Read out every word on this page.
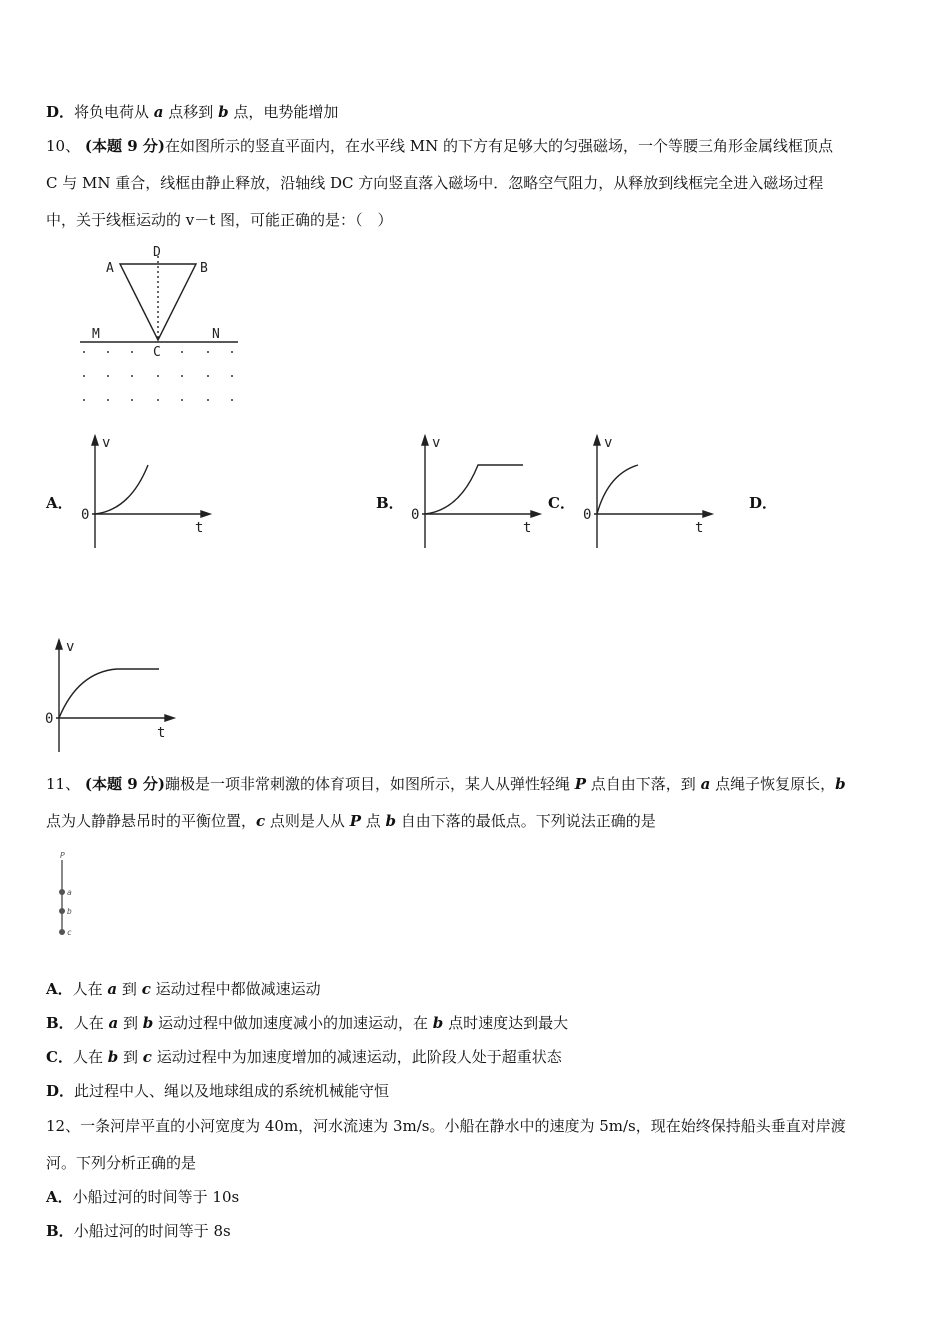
D．将负电荷从 a 点移到 b 点，电势能增加
10、 (本题 9 分)在如图所示的竖直平面内，在水平线 MN 的下方有足够大的匀强磁场，一个等腰三角形金属线框顶点
C 与 MN 重合，线框由静止释放，沿轴线 DC 方向竖直落入磁场中．忽略空气阻力，从释放到线框完全进入磁场过程
中，关于线框运动的 v－t 图，可能正确的是：（　）
A
D
B
C
M	N
A．	B．	C．	D．
v
0
t
v
0
t
v
0
t
v
0
t
11、 (本题 9 分)蹦极是一项非常刺激的体育项目，如图所示，某人从弹性轻绳 P 点自由下落，到 a 点绳子恢复原长，b
点为人静静悬吊时的平衡位置，c 点则是人从 P 点 b 自由下落的最低点。下列说法正确的是
P
a
b
c
A．人在 a 到 c 运动过程中都做减速运动
B．人在 a 到 b 运动过程中做加速度减小的加速运动，在 b 点时速度达到最大
C．人在 b 到 c 运动过程中为加速度增加的减速运动，此阶段人处于超重状态
D．此过程中人、绳以及地球组成的系统机械能守恒
12、一条河岸平直的小河宽度为 40m，河水流速为 3m/s。小船在静水中的速度为 5m/s，现在始终保持船头垂直对岸渡
河。下列分析正确的是
A．小船过河的时间等于 10s
B．小船过河的时间等于 8s
